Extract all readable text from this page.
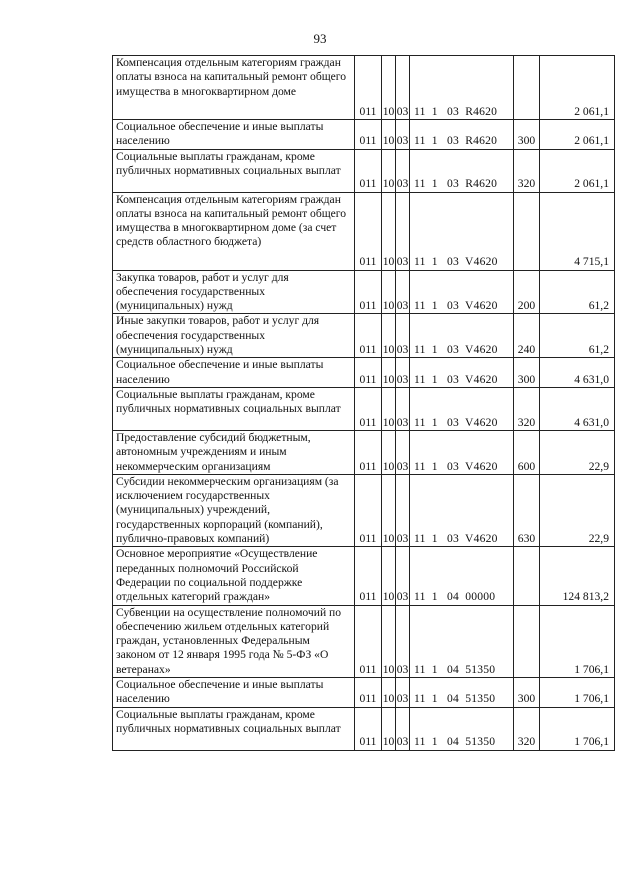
93
Компенсация отдельным категориям граждан оплаты взноса на капитальный ремонт общего имущества в многоквартирном доме	011	10	03	11  1   03  R4620		2 061,1
Социальное обеспечение и иные выплаты населению	011	10	03	11  1   03  R4620	300	2 061,1
Социальные выплаты гражданам, кроме публичных нормативных социальных выплат	011	10	03	11  1   03  R4620	320	2 061,1
Компенсация отдельным категориям граждан оплаты взноса на капитальный ремонт общего имущества в многоквартирном доме (за счет средств областного бюджета)	011	10	03	11  1   03  V4620		4 715,1
Закупка товаров, работ и услуг для обеспечения государственных (муниципальных) нужд	011	10	03	11  1   03  V4620	200	61,2
Иные закупки товаров, работ и услуг для обеспечения государственных (муниципальных) нужд	011	10	03	11  1   03  V4620	240	61,2
Социальное обеспечение и иные выплаты населению	011	10	03	11  1   03  V4620	300	4 631,0
Социальные выплаты гражданам, кроме публичных нормативных социальных выплат	011	10	03	11  1   03  V4620	320	4 631,0
Предоставление субсидий бюджетным, автономным учреждениям и иным некоммерческим организациям	011	10	03	11  1   03  V4620	600	22,9
Субсидии некоммерческим организациям (за исключением государственных (муниципальных) учреждений, государственных корпораций (компаний), публично-правовых компаний)	011	10	03	11  1   03  V4620	630	22,9
Основное мероприятие «Осуществление переданных полномочий Российской Федерации по социальной поддержке отдельных категорий граждан»	011	10	03	11  1   04  00000		124 813,2
Субвенции на осуществление полномочий по обеспечению жильем отдельных категорий граждан, установленных Федеральным законом от 12 января 1995 года № 5-ФЗ «О ветеранах»	011	10	03	11  1   04  51350		1 706,1
Социальное обеспечение и иные выплаты населению	011	10	03	11  1   04  51350	300	1 706,1
Социальные выплаты гражданам, кроме публичных нормативных социальных выплат	011	10	03	11  1   04  51350	320	1 706,1
